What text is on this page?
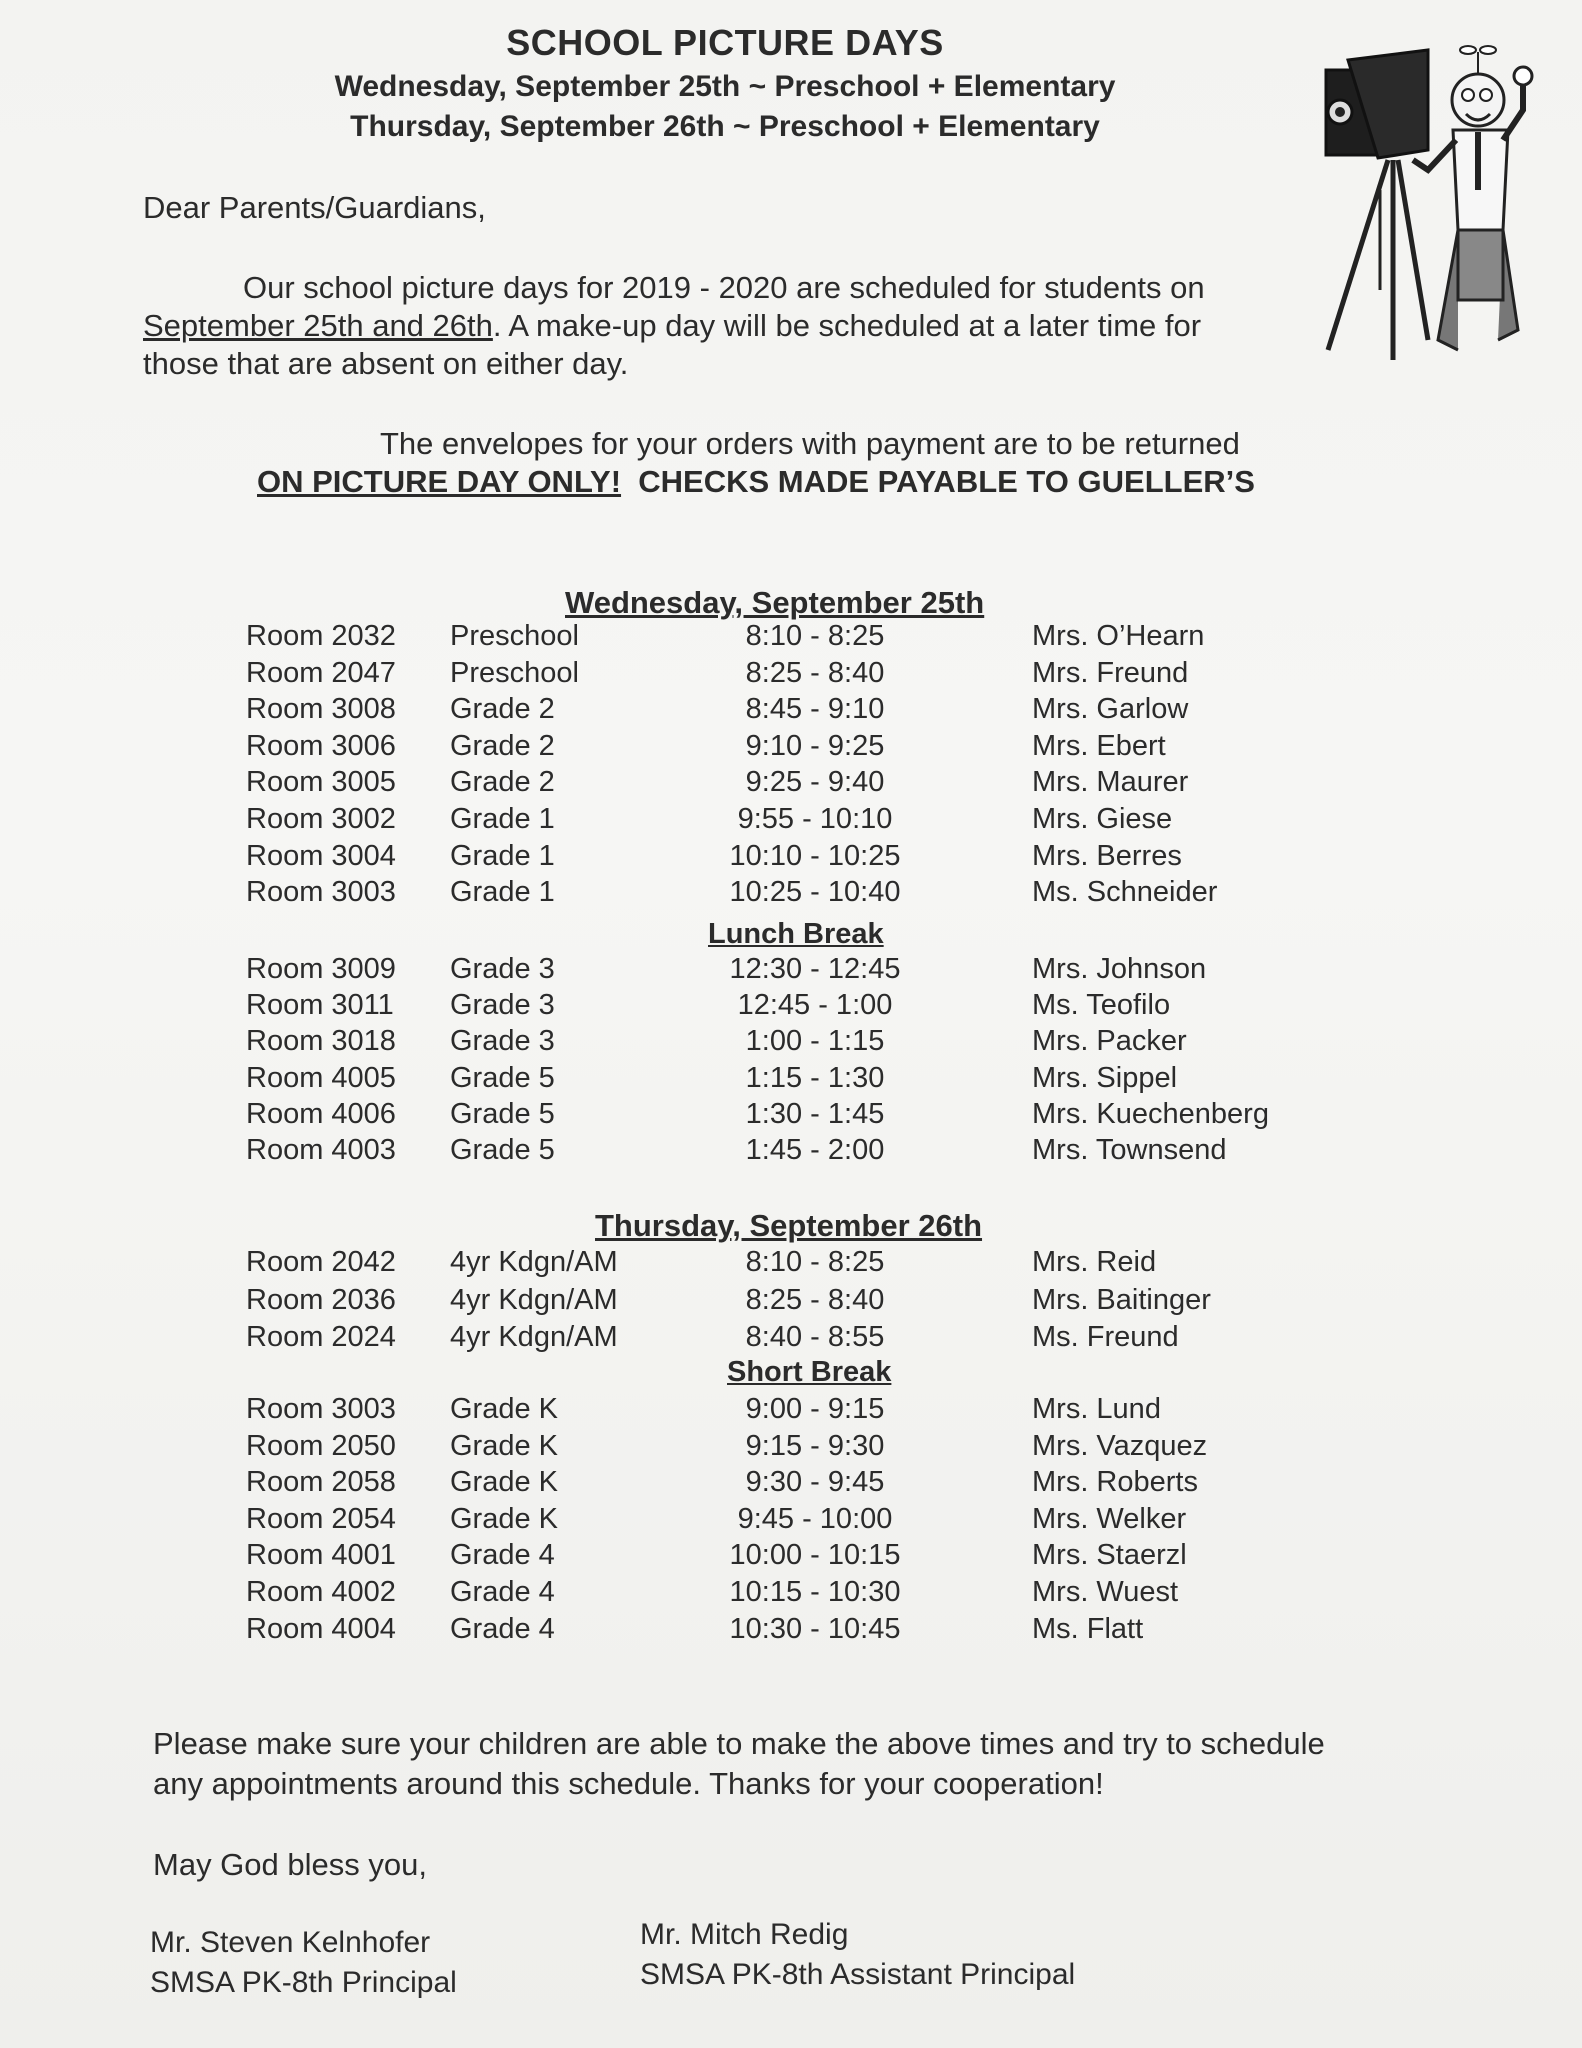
SCHOOL PICTURE DAYS
Wednesday, September 25th ~ Preschool + Elementary
Thursday, September 26th ~ Preschool + Elementary
Dear Parents/Guardians,
Our school picture days for 2019 - 2020 are scheduled for students on
September 25th and 26th. A make-up day will be scheduled at a later time for
those that are absent on either day.
The envelopes for your orders with payment are to be returned
ON PICTURE DAY ONLY! CHECKS MADE PAYABLE TO GUELLER’S
Wednesday, September 25th
Room 2032 Preschool	8:10 - 8:25	Mrs. O’Hearn
Room 2047 Preschool	8:25 - 8:40	Mrs. Freund
Room 3008 Grade 2	8:45 - 9:10	Mrs. Garlow
Room 3006 Grade 2	9:10 - 9:25	Mrs. Ebert
Room 3005 Grade 2	9:25 - 9:40	Mrs. Maurer
Room 3002 Grade 1	9:55 - 10:10	Mrs. Giese
Room 3004 Grade 1	10:10 - 10:25	Mrs. Berres
Room 3003 Grade 1	10:25 - 10:40	Ms. Schneider
Lunch Break
Room 3009 Grade 3	12:30 - 12:45	Mrs. Johnson
Room 3011 Grade 3	12:45 - 1:00	Ms. Teofilo
Room 3018 Grade 3	1:00 - 1:15	Mrs. Packer
Room 4005 Grade 5	1:15 - 1:30	Mrs. Sippel
Room 4006 Grade 5	1:30 - 1:45	Mrs. Kuechenberg
Room 4003 Grade 5	1:45 - 2:00	Mrs. Townsend
Thursday, September 26th
Room 2042 4yr Kdgn/AM	8:10 - 8:25	Mrs. Reid
Room 2036 4yr Kdgn/AM	8:25 - 8:40	Mrs. Baitinger
Room 2024 4yr Kdgn/AM	8:40 - 8:55	Ms. Freund
Short Break
Room 3003 Grade K	9:00 - 9:15	Mrs. Lund
Room 2050 Grade K	9:15 - 9:30	Mrs. Vazquez
Room 2058 Grade K	9:30 - 9:45	Mrs. Roberts
Room 2054 Grade K	9:45 - 10:00	Mrs. Welker
Room 4001 Grade 4	10:00 - 10:15	Mrs. Staerzl
Room 4002 Grade 4	10:15 - 10:30	Mrs. Wuest
Room 4004 Grade 4	10:30 - 10:45	Ms. Flatt
Please make sure your children are able to make the above times and try to schedule
any appointments around this schedule. Thanks for your cooperation!
May God bless you,
Mr. Steven Kelnhofer
SMSA PK-8th Principal
Mr. Mitch Redig
SMSA PK-8th Assistant Principal
